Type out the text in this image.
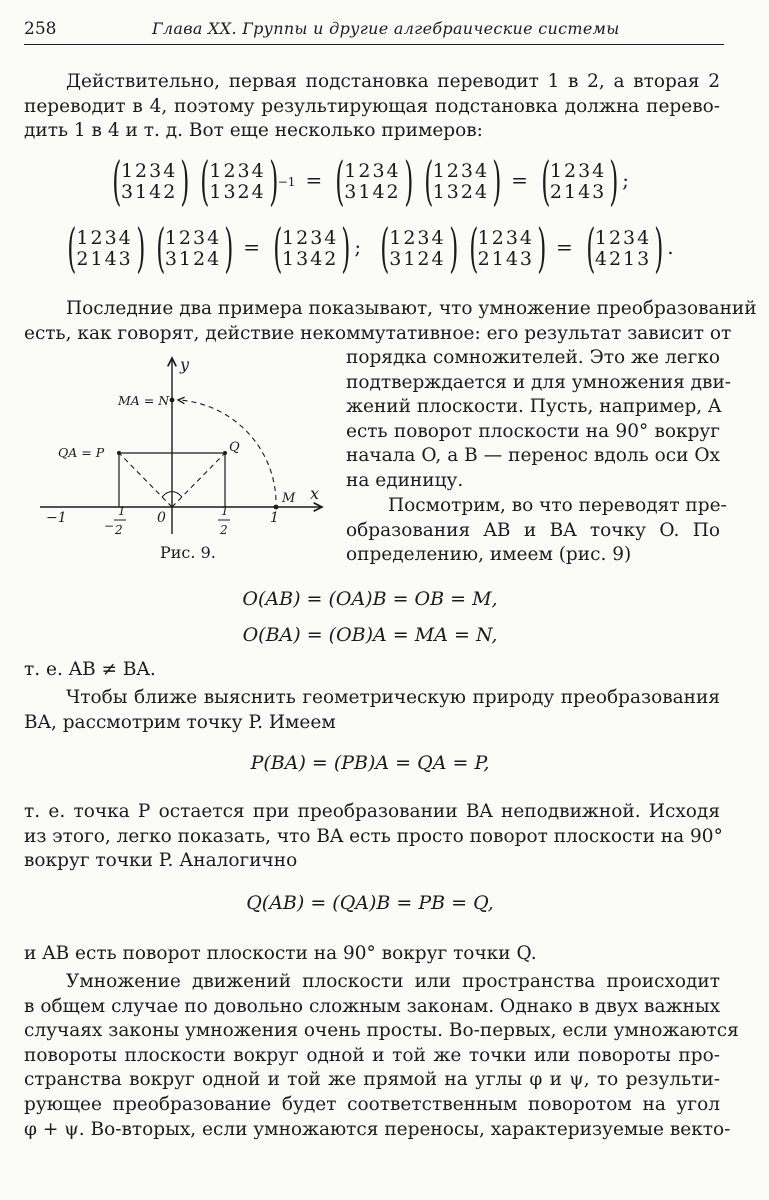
258	Глава XX. Группы и другие алгебраические системы
Действительно, первая подстановка переводит 1 в 2, а вторая 2
переводит в 4, поэтому результирующая подстановка должна перево-
дить 1 в 4 и т. д. Вот еще несколько примеров:
( 1234
3142 )
( 1234
1324 ) −1 = ( 1234
3142 )
( 1234
1324 ) = ( 1234
2143 ) ;
( 1234
2143 )
( 1234
3124 ) = ( 1234
1342 ) ; ( 1234
3124 )
( 1234
2143 ) = ( 1234
4213 ) .
Последние два примера показывают, что умножение преобразований
есть, как говорят, действие некоммутативное: его результат зависит от
порядка сомножителей. Это же легко
подтверждается и для умножения дви-
жений плоскости. Пусть, например, A
есть поворот плоскости на 90° вокруг
начала O, а B — перенос вдоль оси Ox
на единицу.
Посмотрим, во что переводят пре-
образования AB и BA точку O. По
определению, имеем (рис. 9)
y
x
MA = N
QA = P	Q
M
−1	1
− 2
0	1
2
1
Рис. 9.
O(AB) = (OA)B = OB = M,
O(BA) = (OB)A = MA = N,
т. е. AB ≠ BA.
Чтобы ближе выяснить геометрическую природу преобразования
BA, рассмотрим точку P. Имеем
P(BA) = (PB)A = QA = P,
т. е. точка P остается при преобразовании BA неподвижной. Исходя
из этого, легко показать, что BA есть просто поворот плоскости на 90°
вокруг точки P. Аналогично
Q(AB) = (QA)B = PB = Q,
и AB есть поворот плоскости на 90° вокруг точки Q.
Умножение движений плоскости или пространства происходит
в общем случае по довольно сложным законам. Однако в двух важных
случаях законы умножения очень просты. Во-первых, если умножаются
повороты плоскости вокруг одной и той же точки или повороты про-
странства вокруг одной и той же прямой на углы φ и ψ, то результи-
рующее преобразование будет соответственным поворотом на угол
φ + ψ. Во-вторых, если умножаются переносы, характеризуемые векто-
